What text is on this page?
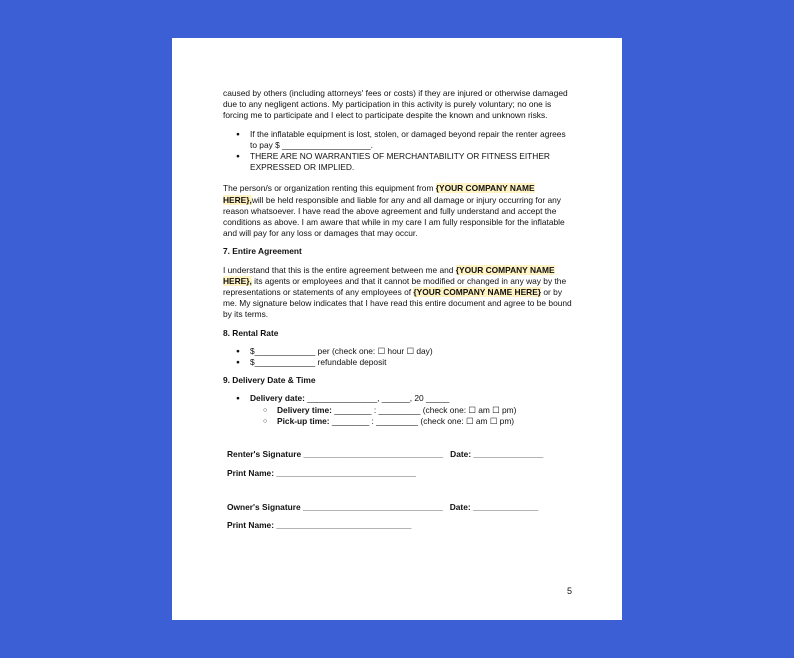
caused by others (including attorneys' fees or costs) if they are injured or otherwise damaged due to any negligent actions. My participation in this activity is purely voluntary; no one is forcing me to participate and I elect to participate despite the known and unknown risks.

● If the inflatable equipment is lost, stolen, or damaged beyond repair the renter agrees to pay $ ___________________.
● THERE ARE NO WARRANTIES OF MERCHANTABILITY OR FITNESS EITHER EXPRESSED OR IMPLIED.

The person/s or organization renting this equipment from {YOUR COMPANY NAME HERE},will be held responsible and liable for any and all damage or injury occurring for any reason whatsoever. I have read the above agreement and fully understand and accept the conditions as above. I am aware that while in my care I am fully responsible for the inflatable and will pay for any loss or damages that may occur.

7. Entire Agreement

I understand that this is the entire agreement between me and {YOUR COMPANY NAME HERE}, its agents or employees and that it cannot be modified or changed in any way by the representations or statements of any employees of {YOUR COMPANY NAME HERE} or by me. My signature below indicates that I have read this entire document and agree to be bound by its terms.

8. Rental Rate

● $_____________ per (check one: ☐ hour ☐ day)
● $_____________ refundable deposit

9. Delivery Date & Time

● Delivery date: _______________, ______, 20 _____
○ Delivery time: ________ : _________ (check one: ☐ am ☐ pm)
○ Pick-up time: ________ : _________ (check one: ☐ am ☐ pm)
Renter's Signature ______________________________   Date: _______________
Print Name: ______________________________
Owner's Signature ______________________________   Date: ______________
Print Name: _____________________________
5
